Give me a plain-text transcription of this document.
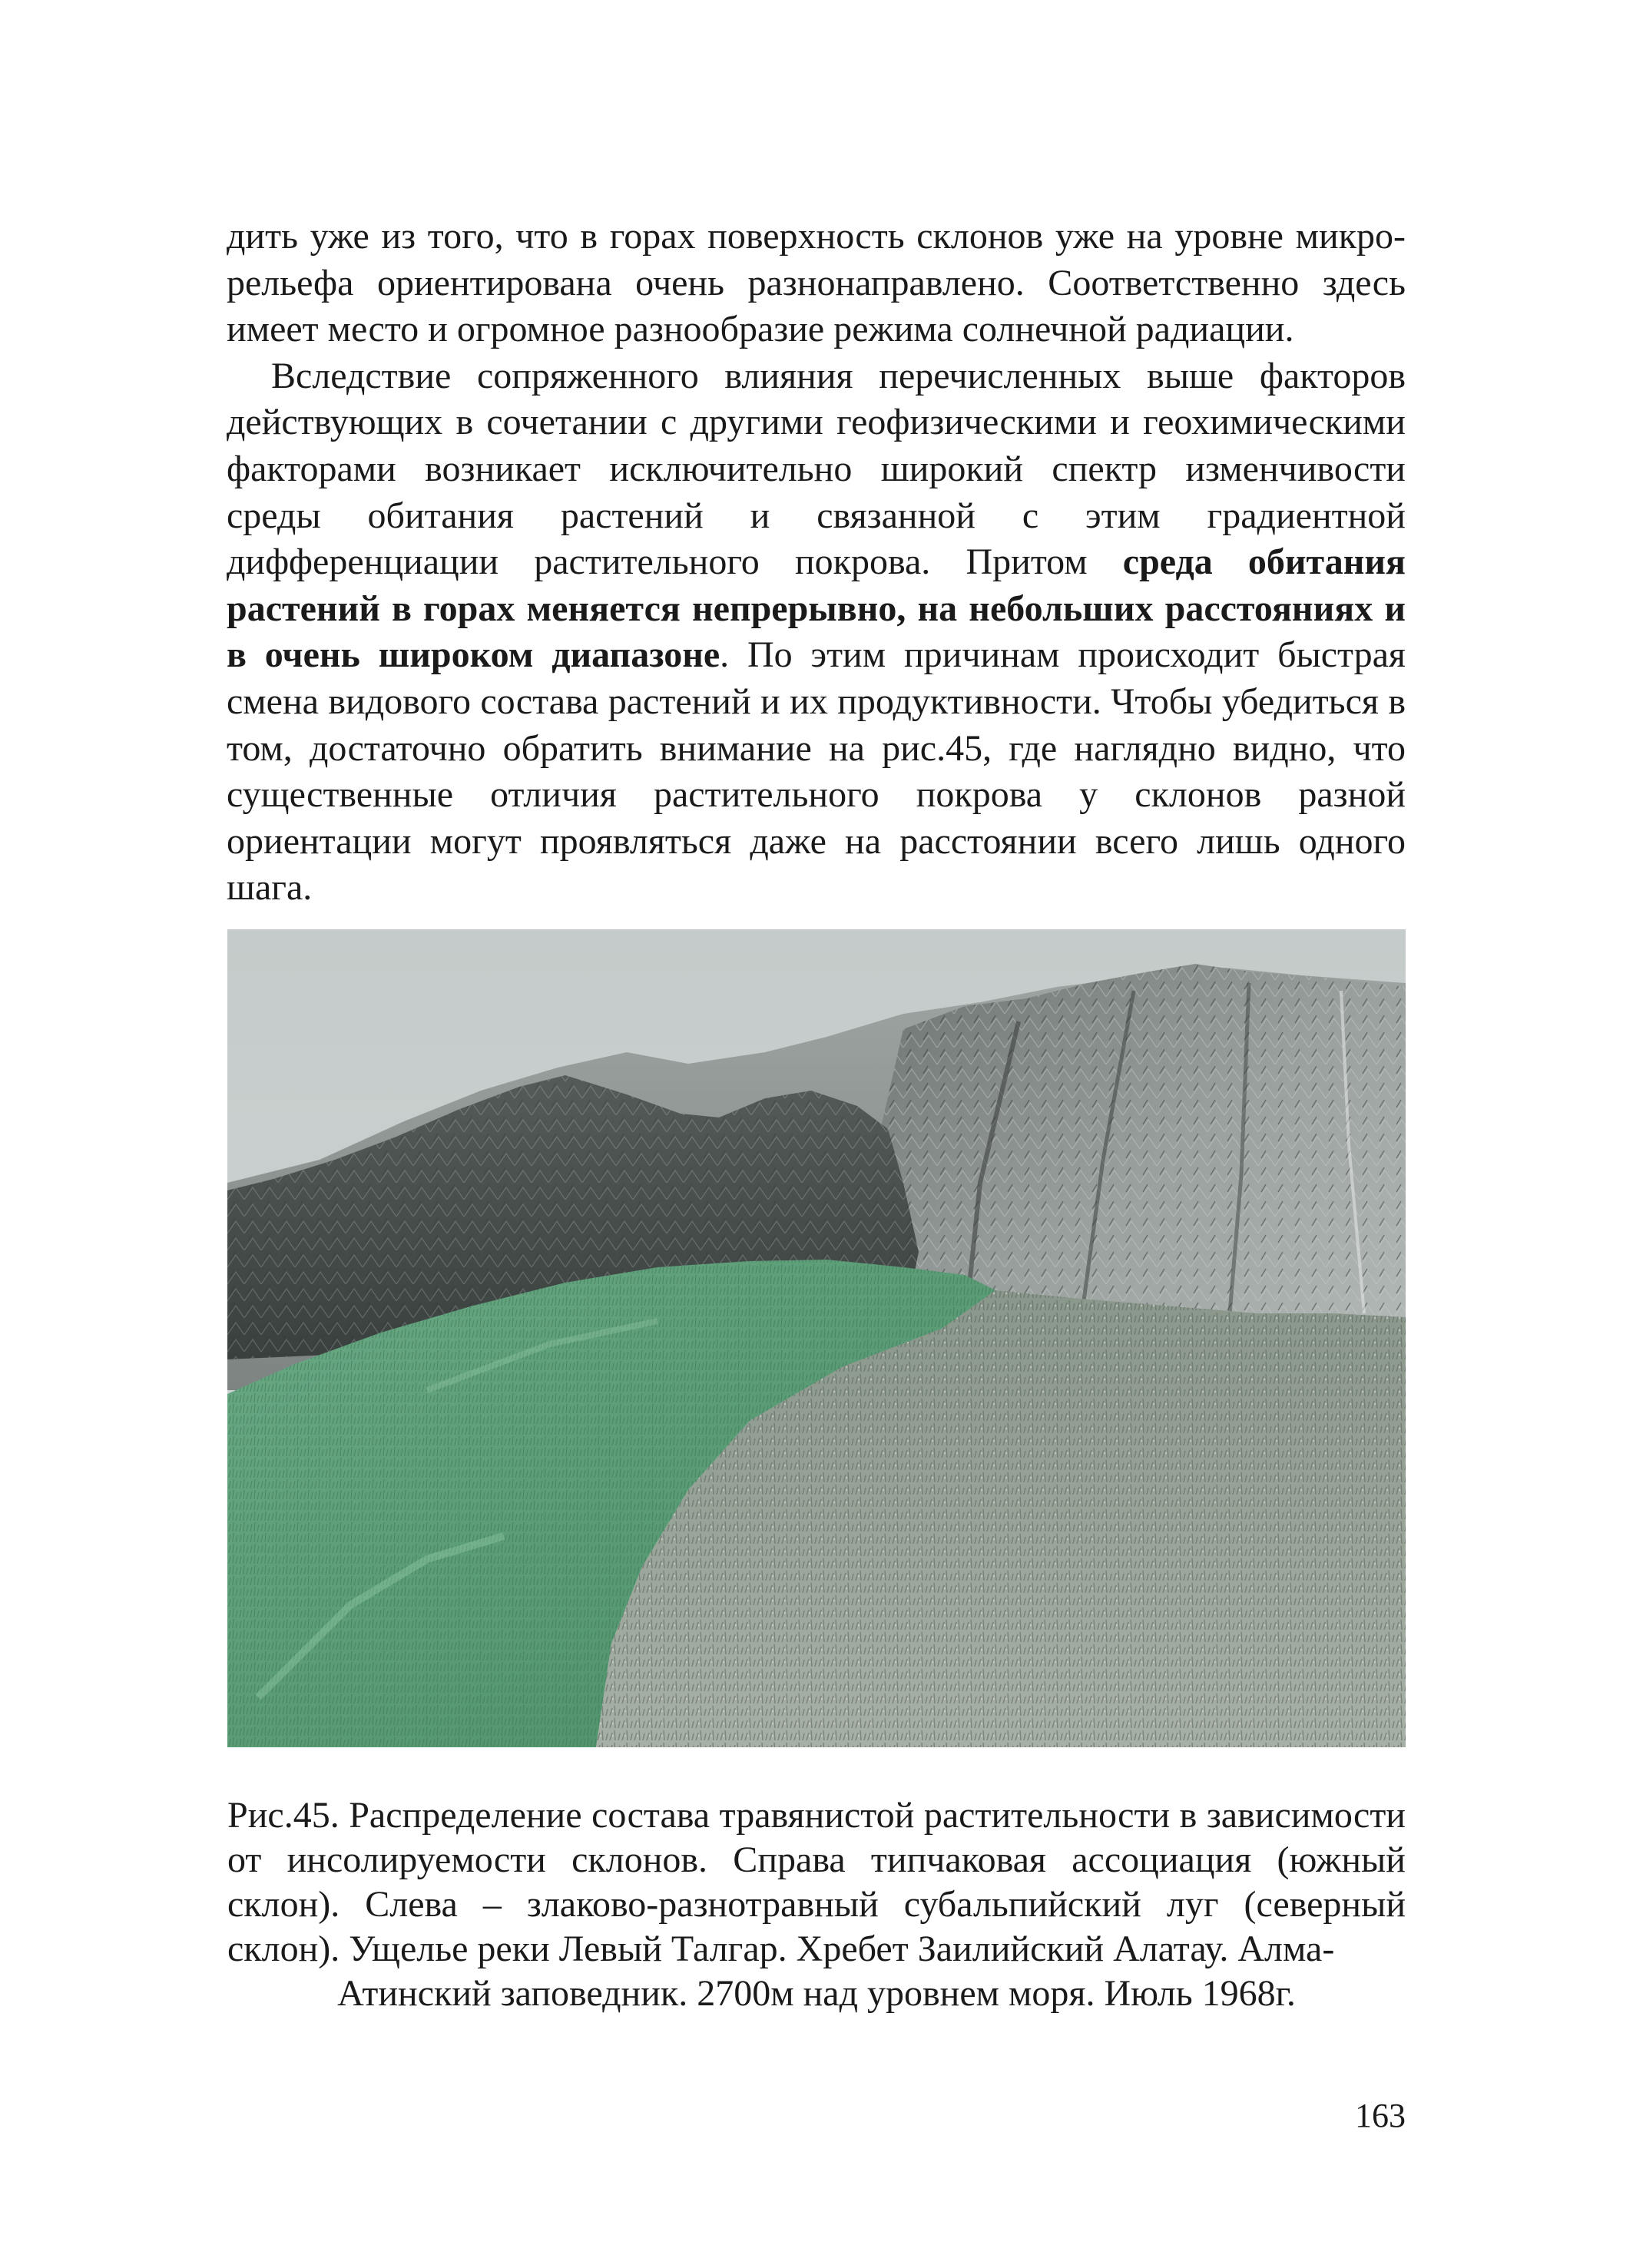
дить уже из того, что в горах поверхность склонов уже на уровне микро-рельефа ориентирована очень разнонаправлено. Соответственно здесь имеет место и огромное разнообразие режима солнечной радиации.

Вследствие сопряженного влияния перечисленных выше факторов действующих в сочетании с другими геофизическими и геохимическими факторами возникает исключительно широкий спектр изменчивости среды обитания растений и связанной с этим градиентной дифференциации растительного покрова. Притом среда обитания растений в горах меняется непрерывно, на небольших расстояниях и в очень широком диапазоне. По этим причинам происходит быстрая смена видового состава растений и их продуктивности. Чтобы убедиться в том, достаточно обратить внимание на рис.45, где наглядно видно, что существенные отличия растительного покрова у склонов разной ориентации могут проявляться даже на расстоянии всего лишь одного шага.

Рис.45. Распределение состава травянистой растительности в зависимости от инсолируемости склонов. Справа типчаковая ассоциация (южный склон). Слева – злаково-разнотравный субальпийский луг (северный склон). Ущелье реки Левый Талгар. Хребет Заилийский Алатау. Алма-

Атинский заповедник. 2700м над уровнем моря. Июль 1968г.

163
